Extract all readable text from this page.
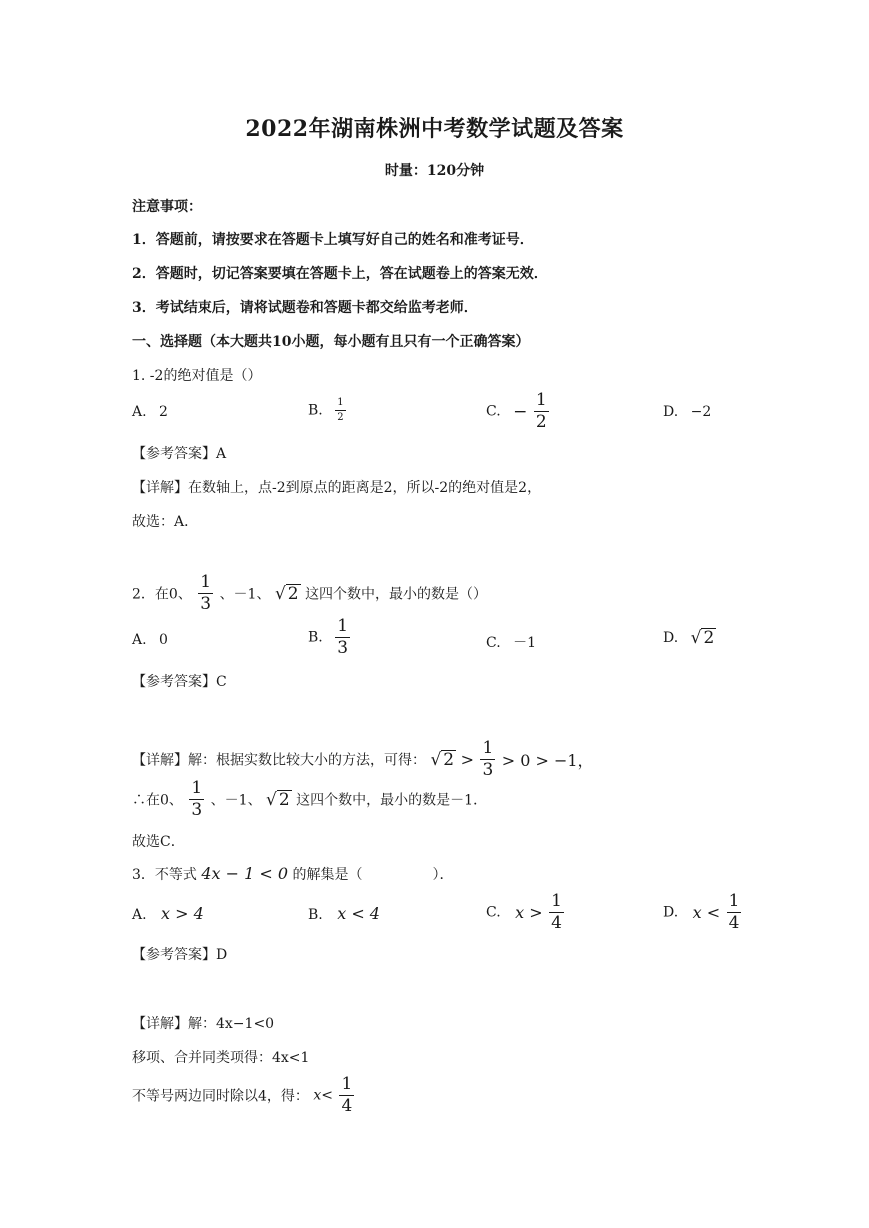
2022年湖南株洲中考数学试题及答案
时量：120分钟
注意事项：
1．答题前，请按要求在答题卡上填写好自己的姓名和准考证号．
2．答题时，切记答案要填在答题卡上，答在试题卷上的答案无效．
3．考试结束后，请将试题卷和答题卡都交给监考老师．
一、选择题（本大题共10小题，每小题有且只有一个正确答案）
1. -2的绝对值是（）
A. 2	B. $\frac{1}{2}$	C. − $\frac{1}{2}$	D. −2
【参考答案】A
【详解】在数轴上，点-2到原点的距离是2，所以-2的绝对值是2，
故选：A．
2．在0、 $\frac{1}{3}$ 、－1、 √ 2 这四个数中，最小的数是（）
A. 0	B. $\frac{1}{3}$	C. －1	D. √ 2
【参考答案】C
【详解】解：根据实数比较大小的方法，可得： √ $2 > \frac{1}{3} > 0 > -1$，
∴在0、 $\frac{1}{3}$ 、－1、 √ 2 这四个数中，最小的数是－1．
故选C．
3．不等式 4x − 1 < 0 的解集是（　　　　　）．
A. x > 4	B. x < 4	C. $x > \frac{1}{4}$	D. $x < \frac{1}{4}$
【参考答案】D
【详解】解：4x−1<0
移项、合并同类项得：4x<1
不等号两边同时除以4，得： $x< \frac{1}{4}$
